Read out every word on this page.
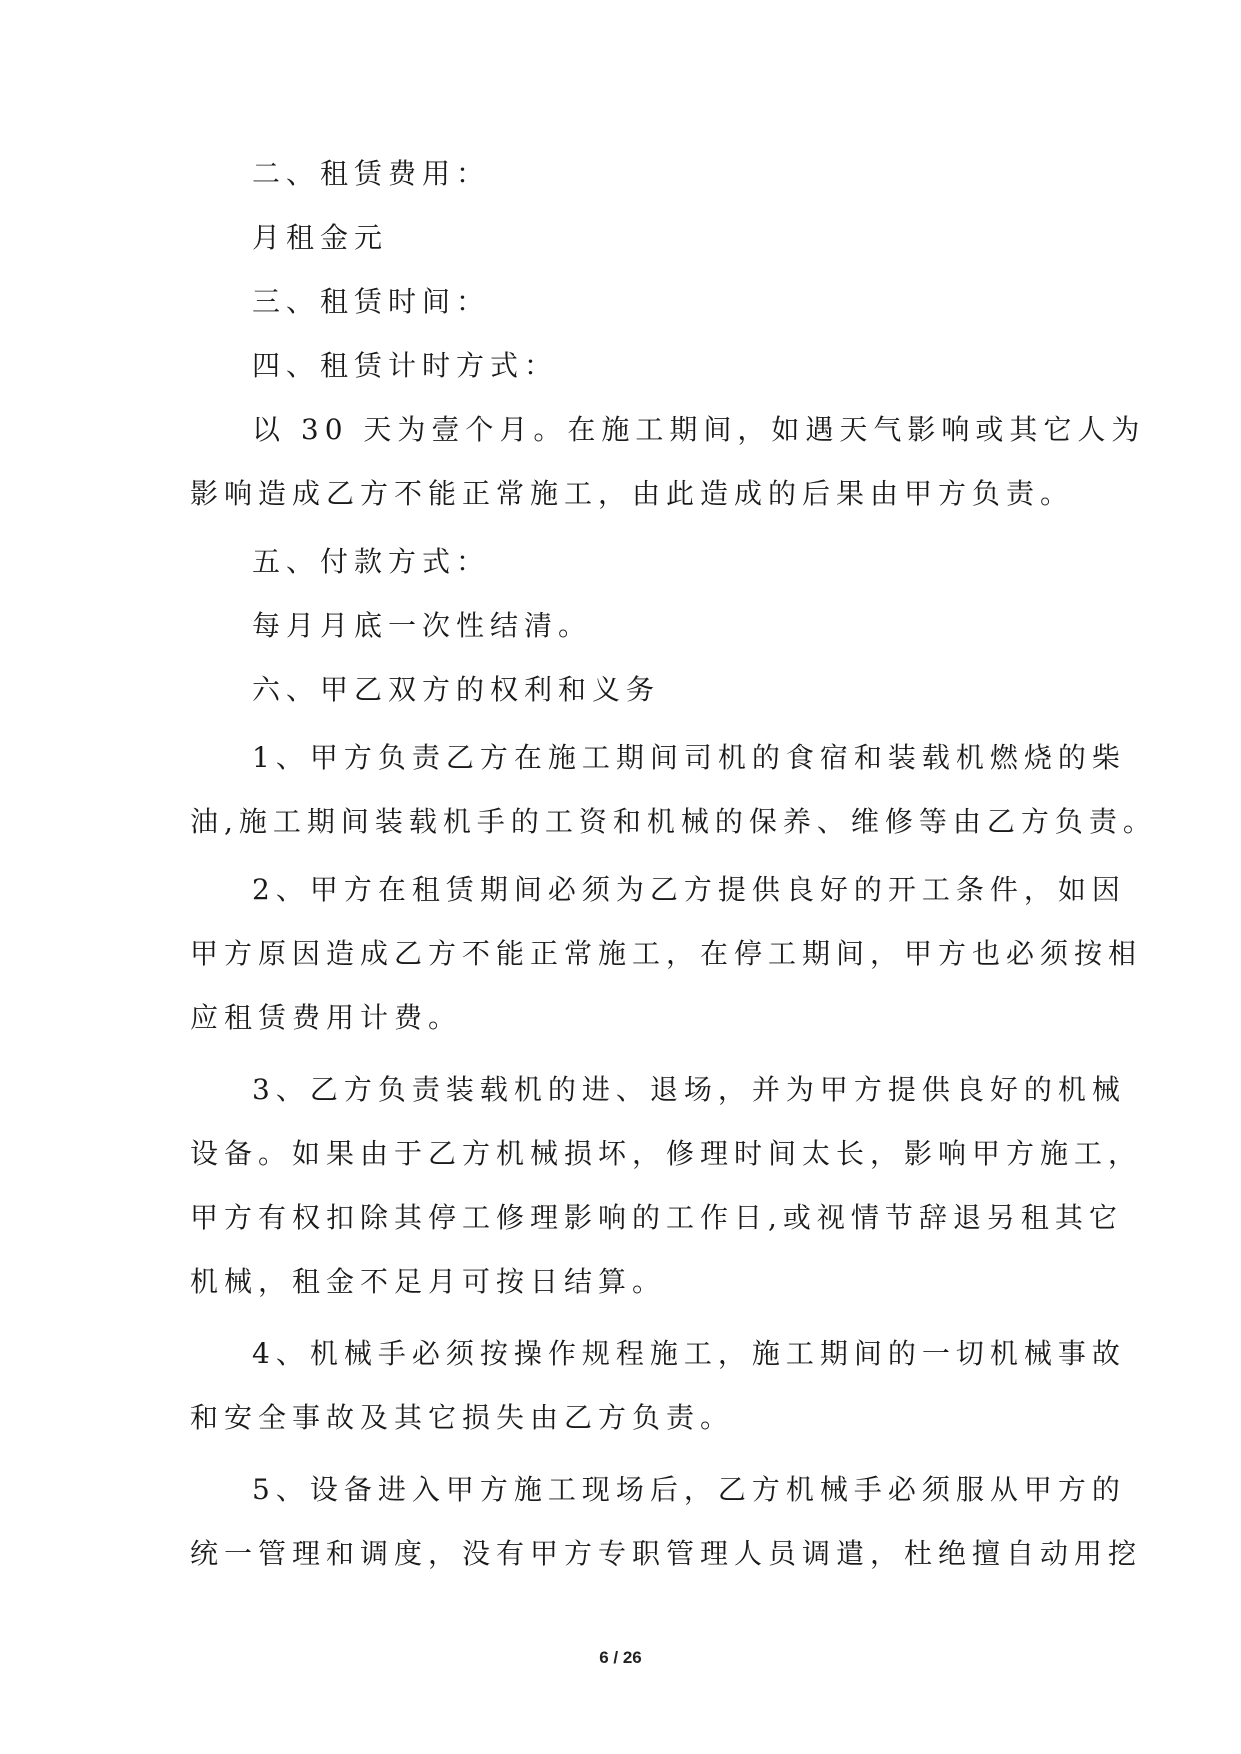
二、租赁费用：

月租金元

三、租赁时间：

四、租赁计时方式：

以 30 天为壹个月。在施工期间，如遇天气影响或其它人为

影响造成乙方不能正常施工，由此造成的后果由甲方负责。

五、付款方式：

每月月底一次性结清。

六、甲乙双方的权利和义务

1、甲方负责乙方在施工期间司机的食宿和装载机燃烧的柴

油,施工期间装载机手的工资和机械的保养、维修等由乙方负责。

2、甲方在租赁期间必须为乙方提供良好的开工条件，如因

甲方原因造成乙方不能正常施工，在停工期间，甲方也必须按相

应租赁费用计费。

3、乙方负责装载机的进、退场，并为甲方提供良好的机械

设备。如果由于乙方机械损坏，修理时间太长，影响甲方施工，

甲方有权扣除其停工修理影响的工作日,或视情节辞退另租其它

机械，租金不足月可按日结算。

4、机械手必须按操作规程施工，施工期间的一切机械事故

和安全事故及其它损失由乙方负责。

5、设备进入甲方施工现场后，乙方机械手必须服从甲方的

统一管理和调度，没有甲方专职管理人员调遣，杜绝擅自动用挖

6 / 26
